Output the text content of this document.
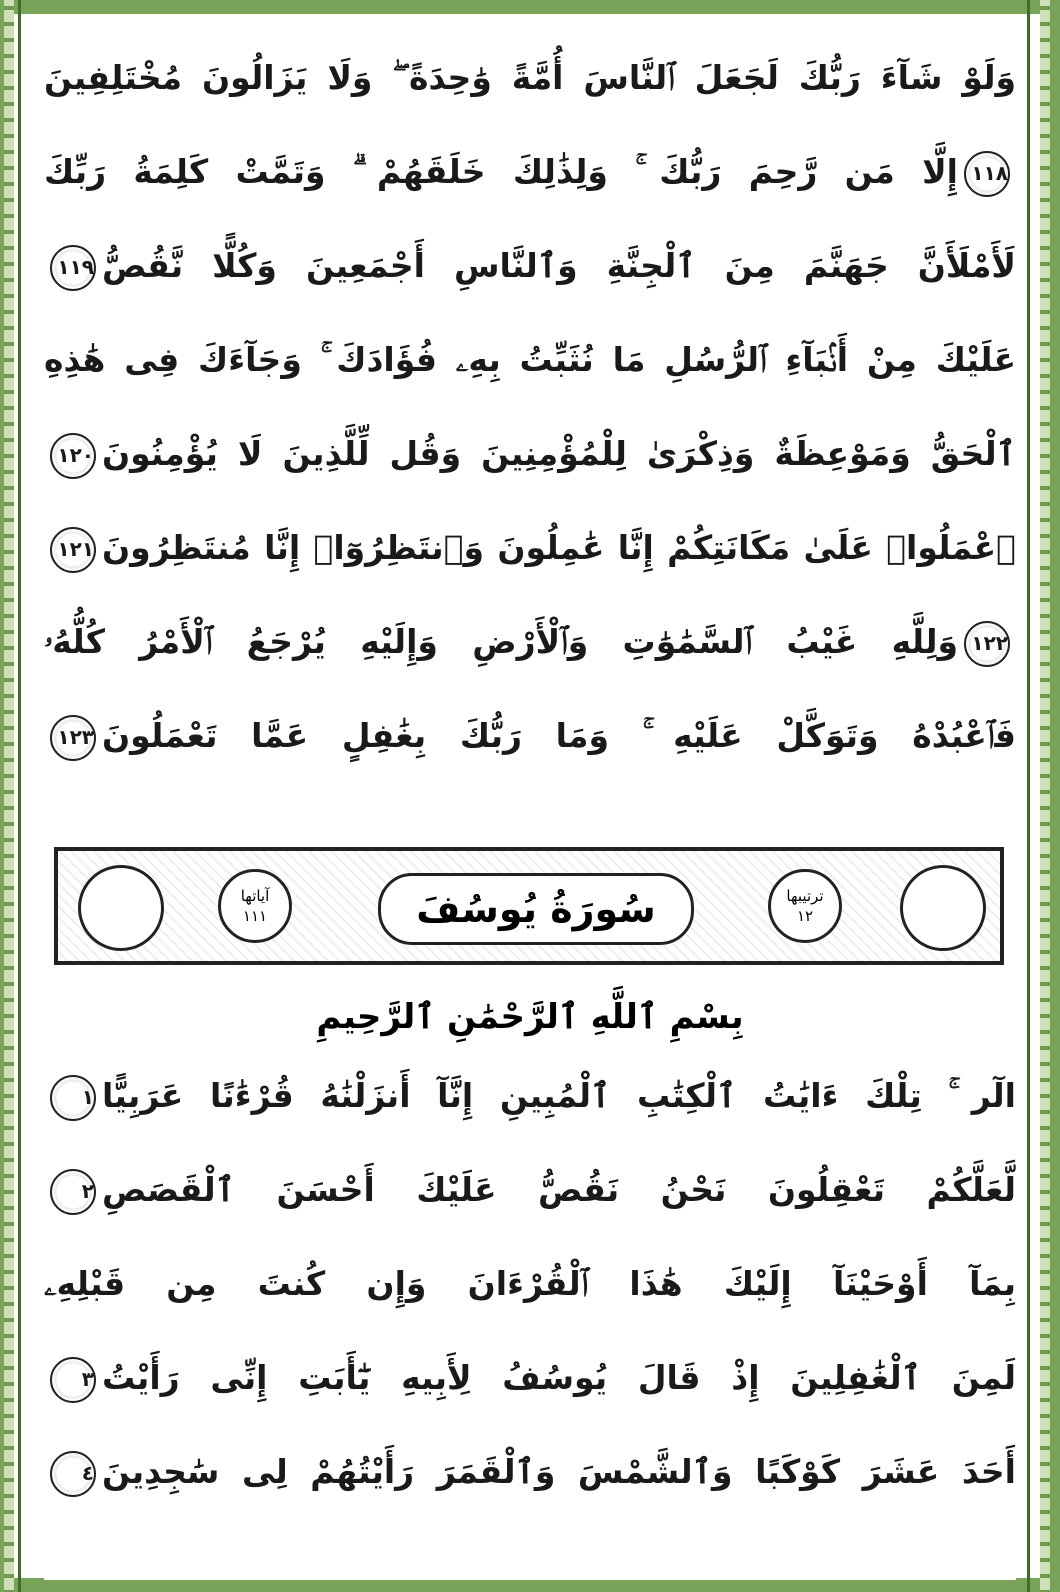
وَلَوْ شَآءَ رَبُّكَ لَجَعَلَ ٱلنَّاسَ أُمَّةً وَٰحِدَةً ۖ وَلَا يَزَالُونَ مُخْتَلِفِينَ
١١٨إِلَّا مَن رَّحِمَ رَبُّكَ ۚ وَلِذَٰلِكَ خَلَقَهُمْ ۗ وَتَمَّتْ كَلِمَةُ رَبِّكَ
لَأَمْلَأَنَّ جَهَنَّمَ مِنَ ٱلْجِنَّةِ وَٱلنَّاسِ أَجْمَعِينَ وَكُلًّا نَّقُصُّ١١٩
عَلَيْكَ مِنْ أَنۢبَآءِ ٱلرُّسُلِ مَا نُثَبِّتُ بِهِۦ فُؤَادَكَ ۚ وَجَآءَكَ فِى هَٰذِهِ
ٱلْحَقُّ وَمَوْعِظَةٌ وَذِكْرَىٰ لِلْمُؤْمِنِينَ وَقُل لِّلَّذِينَ لَا يُؤْمِنُونَ١٢٠
ٱعْمَلُوا۟ عَلَىٰ مَكَانَتِكُمْ إِنَّا عَٰمِلُونَ وَٱنتَظِرُوٓا۟ إِنَّا مُنتَظِرُونَ١٢١
١٢٢وَلِلَّهِ غَيْبُ ٱلسَّمَٰوَٰتِ وَٱلْأَرْضِ وَإِلَيْهِ يُرْجَعُ ٱلْأَمْرُ كُلُّهُۥ
فَٱعْبُدْهُ وَتَوَكَّلْ عَلَيْهِ ۚ وَمَا رَبُّكَ بِغَٰفِلٍ عَمَّا تَعْمَلُونَ١٢٣
آياتها
١١١	سُورَةُ يُوسُفَ	ترتيبها
١٢
بِسْمِ ٱللَّهِ ٱلرَّحْمَٰنِ ٱلرَّحِيمِ
الٓر ۚ تِلْكَ ءَايَٰتُ ٱلْكِتَٰبِ ٱلْمُبِينِ إِنَّآ أَنزَلْنَٰهُ قُرْءَٰنًا عَرَبِيًّا١
لَّعَلَّكُمْ تَعْقِلُونَ نَحْنُ نَقُصُّ عَلَيْكَ أَحْسَنَ ٱلْقَصَصِ٢
بِمَآ أَوْحَيْنَآ إِلَيْكَ هَٰذَا ٱلْقُرْءَانَ وَإِن كُنتَ مِن قَبْلِهِۦ
لَمِنَ ٱلْغَٰفِلِينَ إِذْ قَالَ يُوسُفُ لِأَبِيهِ يَٰٓأَبَتِ إِنِّى رَأَيْتُ٣
أَحَدَ عَشَرَ كَوْكَبًا وَٱلشَّمْسَ وَٱلْقَمَرَ رَأَيْتُهُمْ لِى سَٰجِدِينَ٤
